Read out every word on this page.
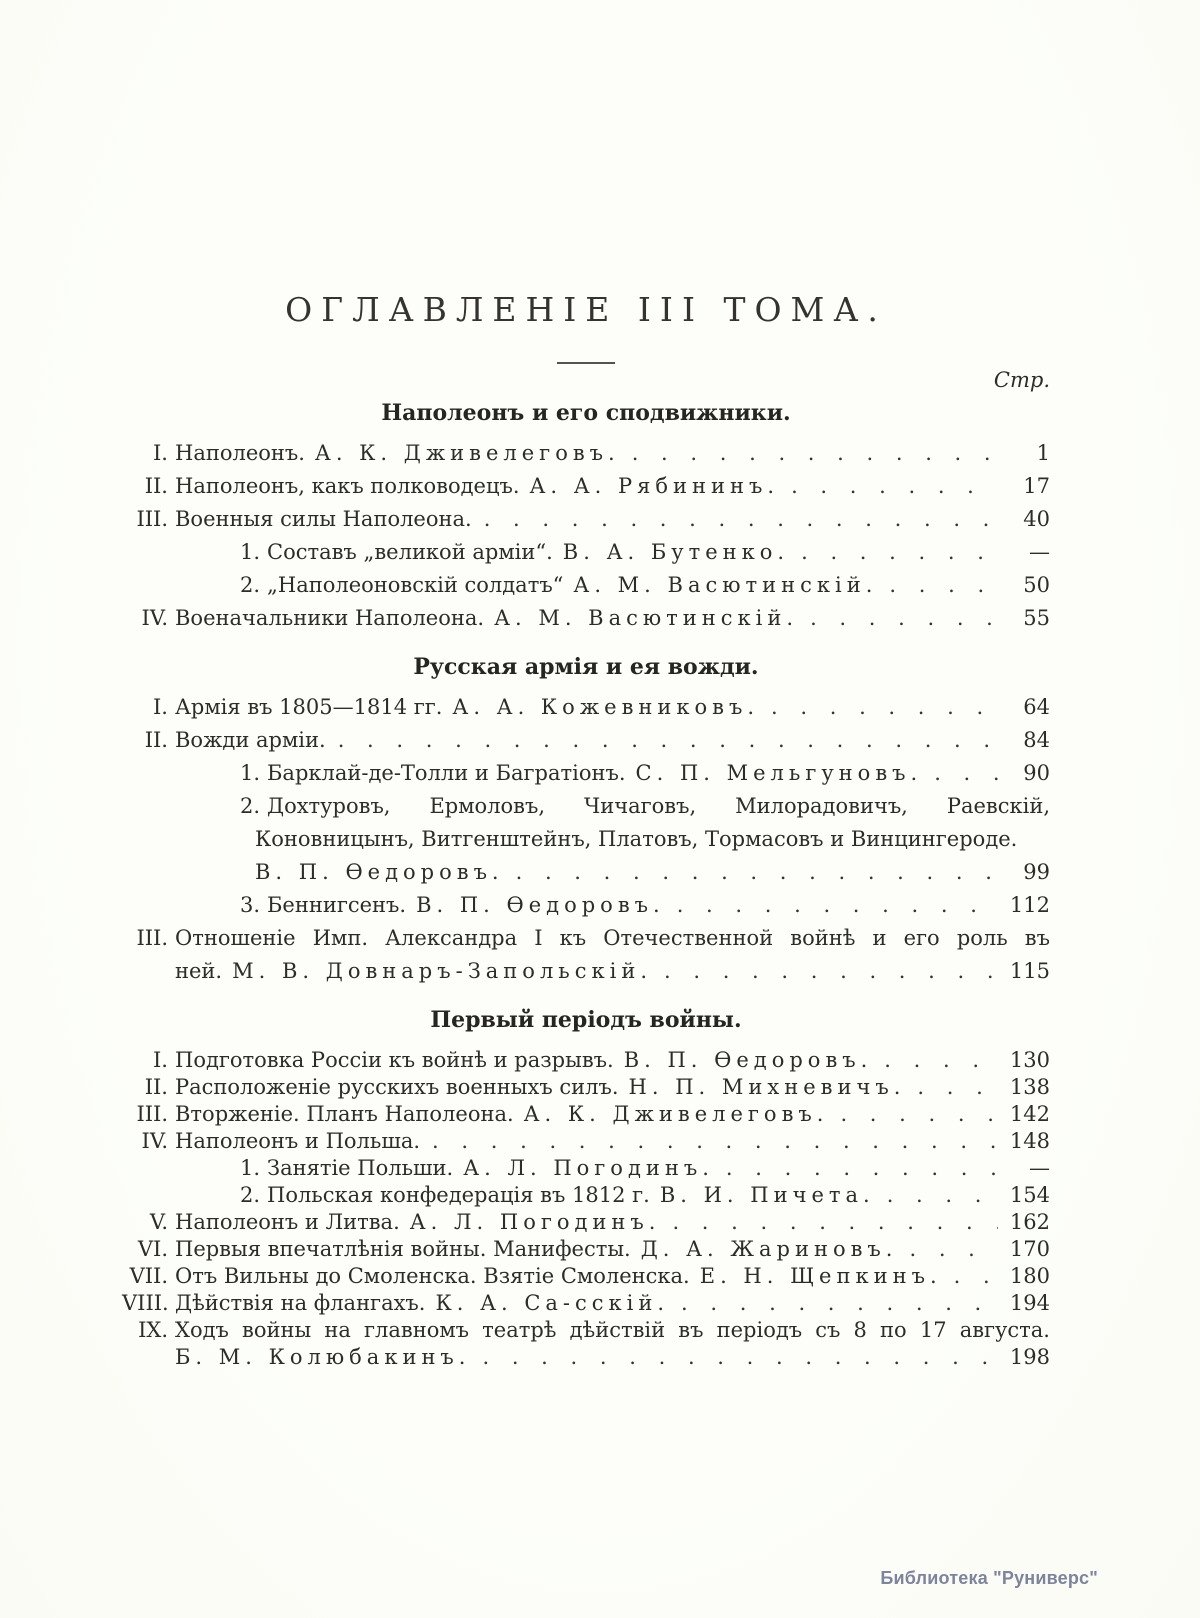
ОГЛАВЛЕНІЕ III ТОМА.
Стр.
Наполеонъ и его сподвижники.
I. Наполеонъ. А. К. Дживелеговъ. . . .	1
II. Наполеонъ, какъ полководецъ. А. А. Рябининъ. . . .	17
III. Военныя силы Наполеона. . . .	40
1. Составъ „великой арміи“. В. А. Бутенко. . . .	—
2. „Наполеоновскій солдатъ“ А. М. Васютинскій. . . .	50
IV. Военачальники Наполеона. А. М. Васютинскій. . . .	55
Русская армія и ея вожди.
I. Армія въ 1805—1814 гг. А. А. Кожевниковъ. . . .	64
II. Вожди арміи. . . .	84
1. Барклай-де-Толли и Багратіонъ. С. П. Мельгуновъ. . . .	90
2. Дохтуровъ, Ермоловъ, Чичаговъ, Милорадовичъ, Раевскій,
Коновницынъ, Витгенштейнъ, Платовъ, Тормасовъ и Винцингероде.
В. П. Ѳедоровъ. . . .	99
3. Беннигсенъ. В. П. Ѳедоровъ. . . .	112
III. Отношеніе Имп. Александра I къ Отечественной войнѣ и его роль въ
ней. М. В. Довнаръ-Запольскій. . . .	115
Первый періодъ войны.
I. Подготовка Россіи къ войнѣ и разрывъ. В. П. Ѳедоровъ. . . .	130
II. Расположеніе русскихъ военныхъ силъ. Н. П. Михневичъ. . . .	138
III. Вторженіе. Планъ Наполеона. А. К. Дживелеговъ. . . .	142
IV. Наполеонъ и Польша. . . .	148
1. Занятіе Польши. А. Л. Погодинъ. . . .	—
2. Польская конфедерація въ 1812 г. В. И. Пичета. . . .	154
V. Наполеонъ и Литва. А. Л. Погодинъ. . . .	162
VI. Первыя впечатлѣнія войны. Манифесты. Д. А. Жариновъ. . . .	170
VII. Отъ Вильны до Смоленска. Взятіе Смоленска. Е. Н. Щепкинъ. . . .	180
VIII. Дѣйствія на флангахъ. К. А. Са-сскій. . . .	194
IX. Ходъ войны на главномъ театрѣ дѣйствій въ періодъ съ 8 по 17 августа.
Б. М. Колюбакинъ. . . .	198
Библиотека "Руниверс"
